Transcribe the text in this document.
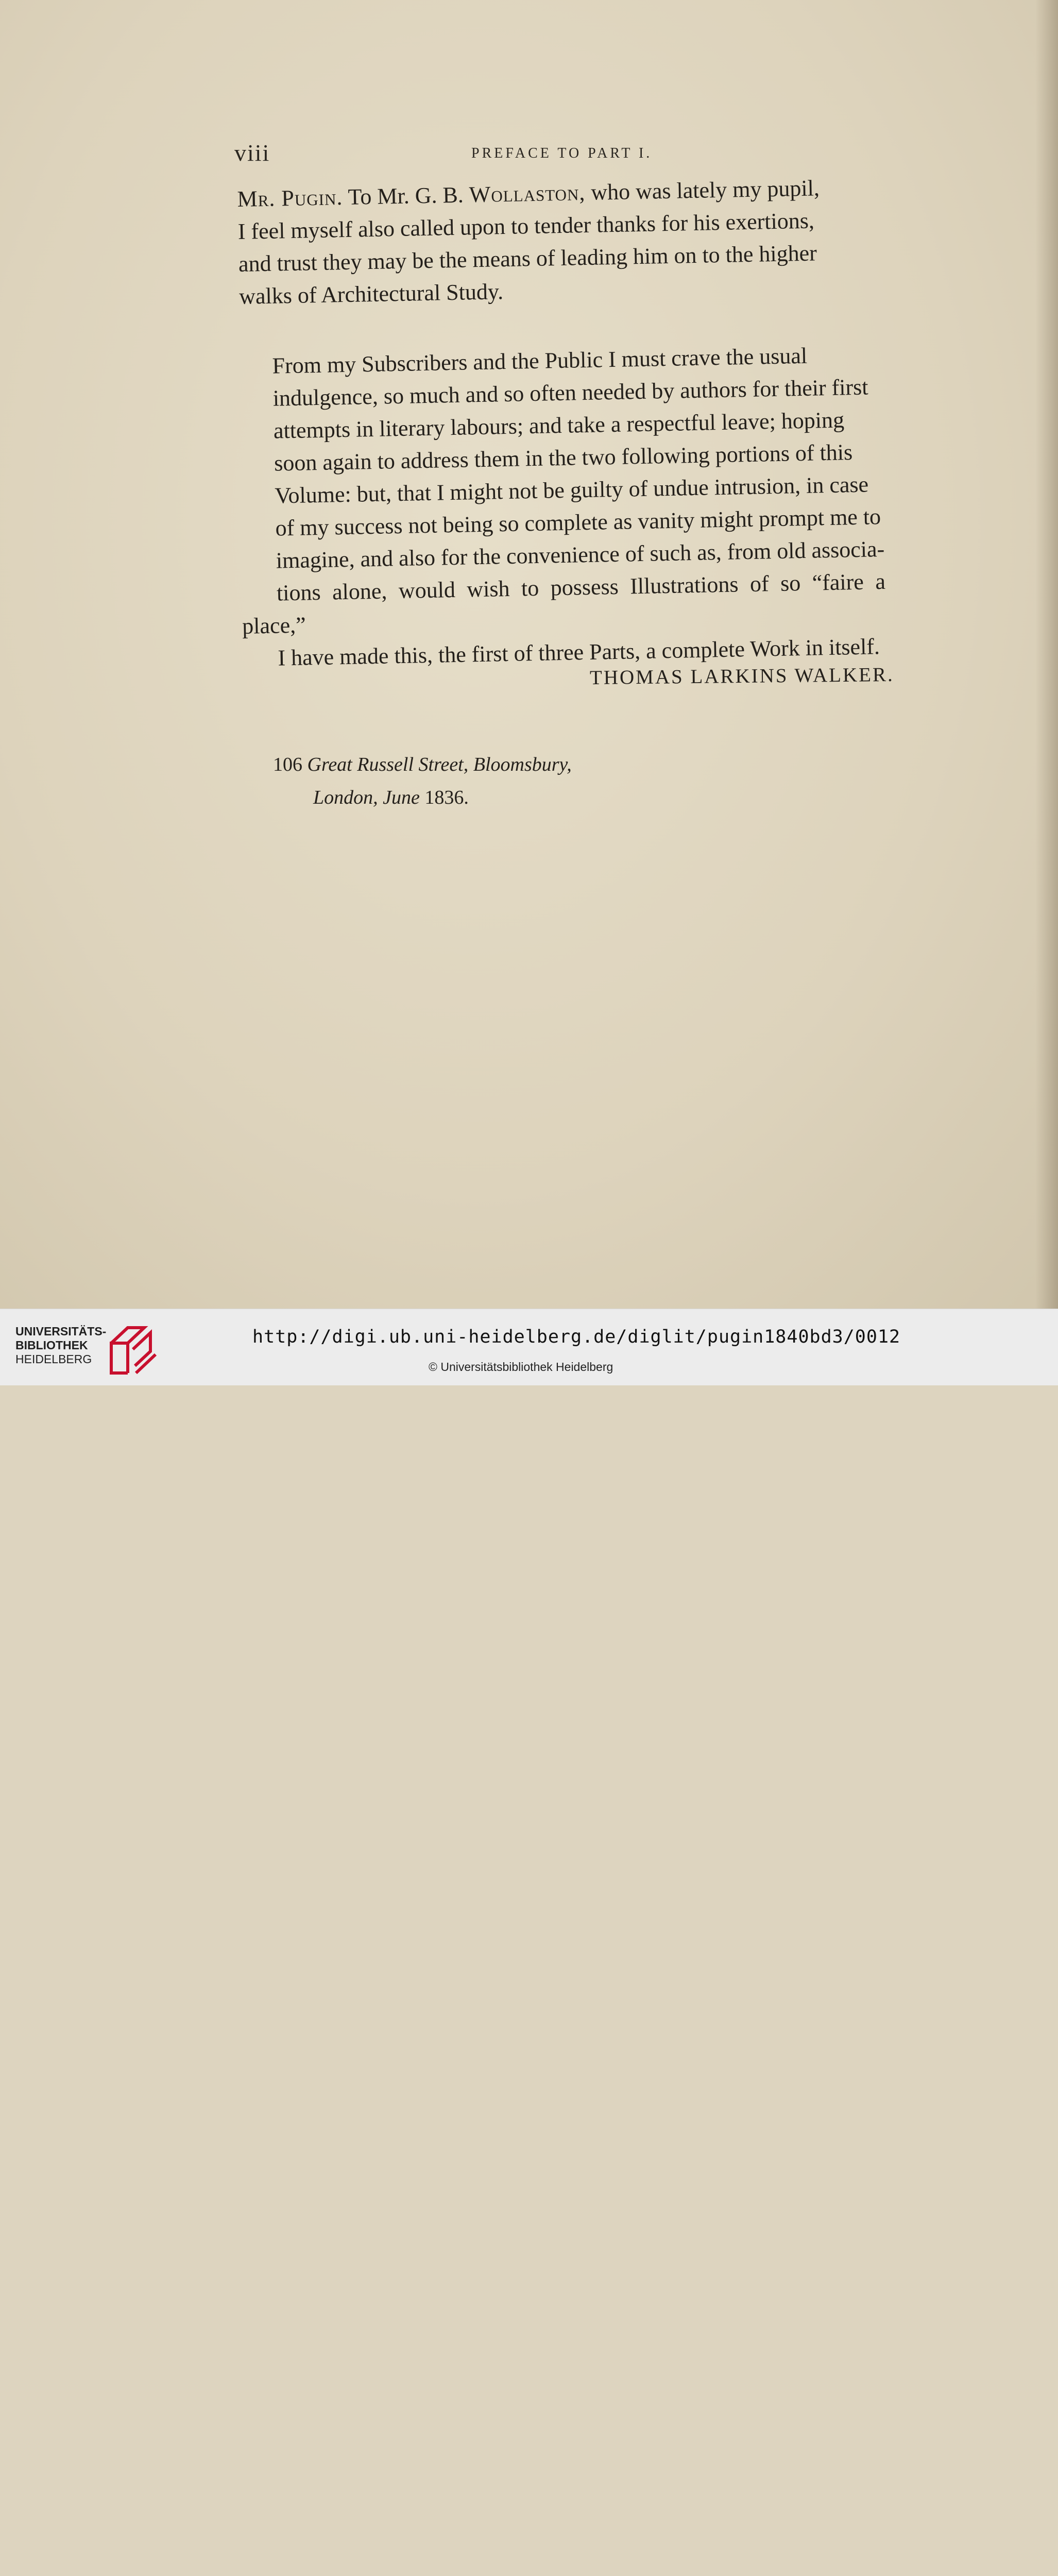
viii	PREFACE TO PART I.

Mr. Pugin. To Mr. G. B. Wollaston, who was lately my pupil,
I feel myself also called upon to tender thanks for his exertions,
and trust they may be the means of leading him on to the higher
walks of Architectural Study.

From my Subscribers and the Public I must crave the usual
indulgence, so much and so often needed by authors for their first
attempts in literary labours; and take a respectful leave; hoping
soon again to address them in the two following portions of this
Volume: but, that I might not be guilty of undue intrusion, in case
of my success not being so complete as vanity might prompt me to
imagine, and also for the convenience of such as, from old associa-
tions alone, would wish to possess Illustrations of so “faire a place,”
I have made this, the first of three Parts, a complete Work in itself.

THOMAS LARKINS WALKER.
106 Great Russell Street, Bloomsbury,
London, June 1836.
UNIVERSITÄTS-
BIBLIOTHEK
HEIDELBERG
http://digi.ub.uni-heidelberg.de/diglit/pugin1840bd3/0012
© Universitätsbibliothek Heidelberg
